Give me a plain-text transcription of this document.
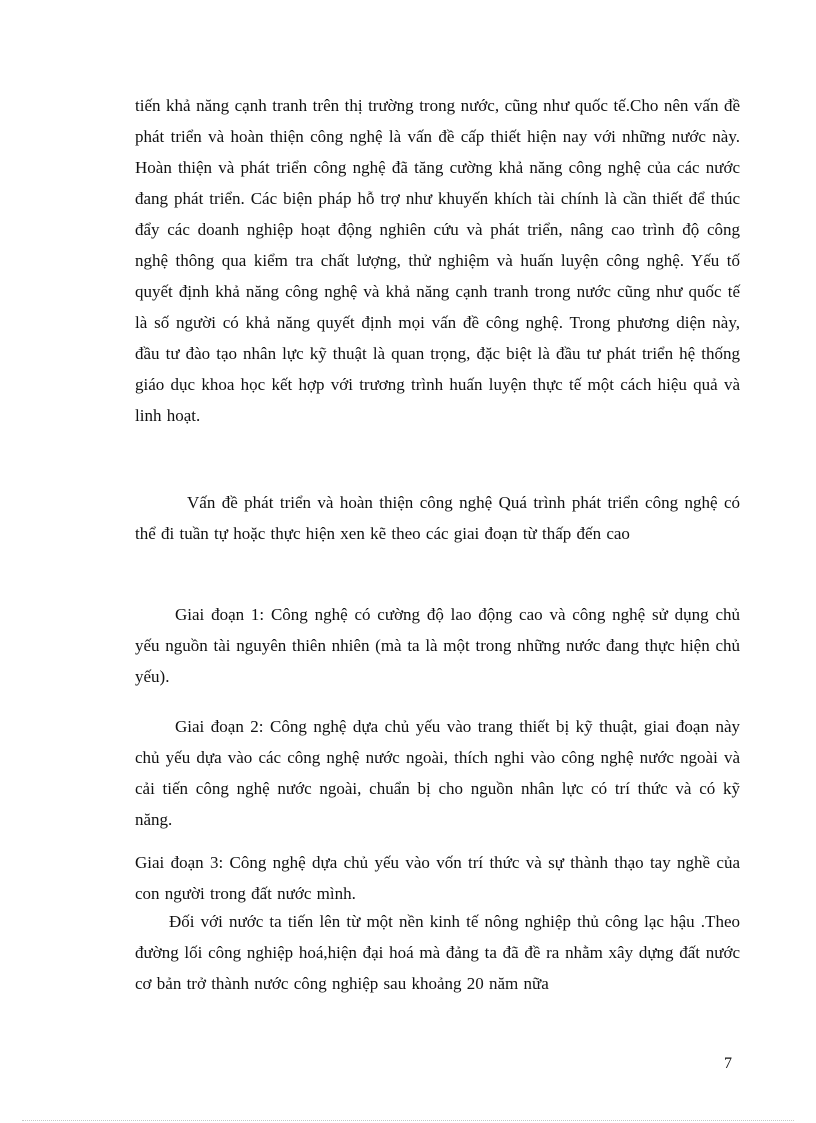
tiến khả năng cạnh tranh trên thị trường trong nước, cũng như quốc tế.Cho nên vấn đề phát triển và hoàn thiện công nghệ là vấn đề cấp thiết hiện nay với những nước này. Hoàn thiện và phát triển công nghệ đã tăng cường khả năng công nghệ của các nước đang phát triển. Các biện pháp hỗ trợ như khuyến khích tài chính là cần thiết để thúc đẩy các doanh nghiệp hoạt động nghiên cứu và phát triển, nâng cao trình độ công nghệ thông qua kiểm tra chất lượng, thử nghiệm và huấn luyện công nghệ. Yếu tố quyết định khả năng công nghệ và khả năng cạnh tranh trong nước cũng như quốc tế là số người có khả năng quyết định mọi vấn đề công nghệ. Trong phương diện này, đầu tư đào tạo nhân lực kỹ thuật là quan trọng, đặc biệt là đầu tư phát triển hệ thống giáo dục khoa học kết hợp với trương trình huấn luyện thực tế một cách hiệu quả và linh hoạt.

Vấn đề phát triển và hoàn thiện công nghệ Quá trình phát triển công nghệ có thể đi tuần tự hoặc thực hiện xen kẽ theo các giai đoạn từ thấp đến cao

Giai đoạn 1: Công nghệ có cường độ lao động cao và công nghệ sử dụng chủ yếu nguồn tài nguyên thiên nhiên (mà ta là một trong những nước đang thực hiện chủ yếu).

Giai đoạn 2: Công nghệ dựa chủ yếu vào trang thiết bị kỹ thuật, giai đoạn này chủ yếu dựa vào các công nghệ nước ngoài, thích nghi vào công nghệ nước ngoài và cải tiến công nghệ nước ngoài, chuẩn bị cho nguồn nhân lực có trí thức và có kỹ năng.

Giai đoạn 3: Công nghệ dựa chủ yếu vào vốn trí thức và sự thành thạo tay nghề của con người trong đất nước mình.

Đối với nước ta tiến lên từ một nền kinh tế nông nghiệp thủ công lạc hậu .Theo đường lối công nghiệp hoá,hiện đại hoá mà đảng ta đã đề ra nhằm xây dựng đất nước cơ bản trở thành nước công nghiệp sau khoảng 20 năm nữa

7
